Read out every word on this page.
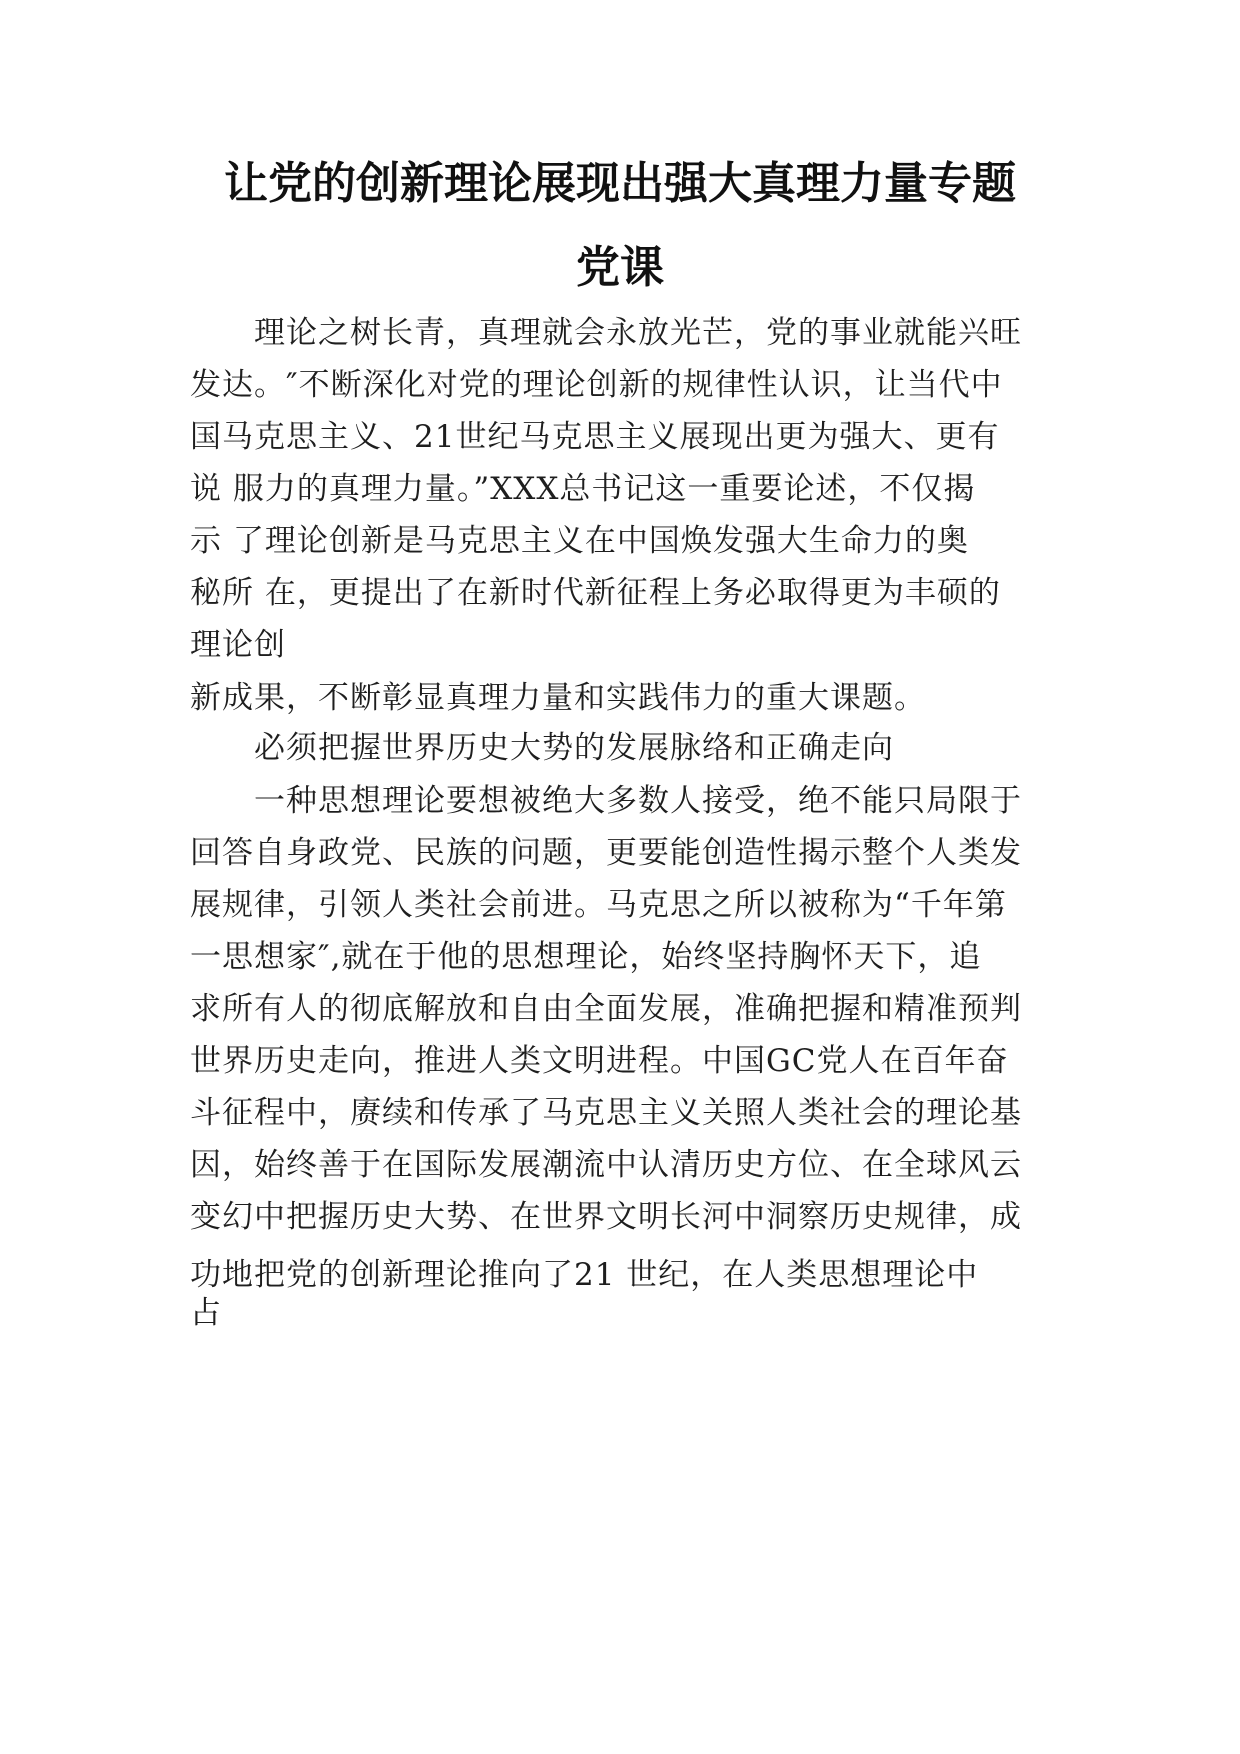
让党的创新理论展现出强大真理力量专题
党课
理论之树长青，真理就会永放光芒，党的事业就能兴旺
发达。″不断深化对党的理论创新的规律性认识，让当代中
国马克思主义、21世纪马克思主义展现出更为强大、更有
说 服力的真理力量。”XXX总书记这一重要论述，不仅揭
示 了理论创新是马克思主义在中国焕发强大生命力的奥
秘所 在，更提出了在新时代新征程上务必取得更为丰硕的
理论创
新成果，不断彰显真理力量和实践伟力的重大课题。
必须把握世界历史大势的发展脉络和正确走向
一种思想理论要想被绝大多数人接受，绝不能只局限于
回答自身政党、民族的问题，更要能创造性揭示整个人类发
展规律，引领人类社会前进。马克思之所以被称为“千年第
一思想家″,就在于他的思想理论，始终坚持胸怀天下，追
求所有人的彻底解放和自由全面发展，准确把握和精准预判
世界历史走向，推进人类文明进程。中国GC党人在百年奋
斗征程中，赓续和传承了马克思主义关照人类社会的理论基
因，始终善于在国际发展潮流中认清历史方位、在全球风云
变幻中把握历史大势、在世界文明长河中洞察历史规律，成
功地把党的创新理论推向了21 世纪，在人类思想理论中
占
